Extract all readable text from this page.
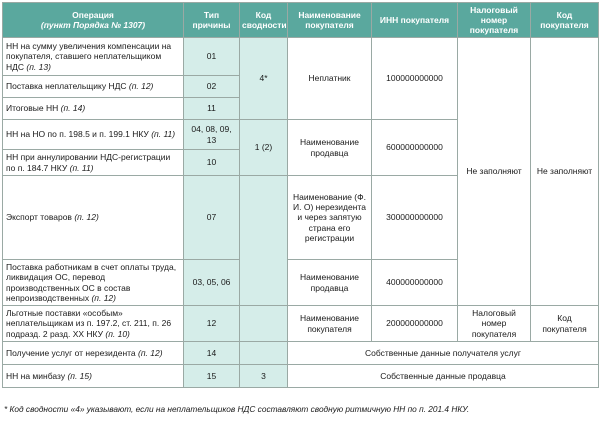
Операция
(пункт Порядка № 1307)	Тип причины	Код сводности	Наименование покупателя	ИНН покупателя	Налоговый номер покупателя	Код покупателя
НН на сумму увеличения компенсации на покупателя, ставшего неплательщиком НДС (п. 13)	01	4*	Неплатник	100000000000	Не заполняют	Не заполняют
Поставка неплательщику НДС (п. 12)	02					
Итоговые НН (п. 14)	11					
НН на НО по п. 198.5 и п. 199.1 НКУ (п. 11)	04, 08, 09, 13	1 (2)	Наименование продавца	600000000000		
НН при аннулировании НДС-регистрации по п. 184.7 НКУ (п. 11)	10					
Экспорт товаров (п. 12)	07		Наименование (Ф. И. О) нерезидента и через запятую страна его регистрации	300000000000		
Поставка работникам в счет оплаты труда, ликвидация ОС, перевод производственных ОС в состав непроизводственных (п. 12)	03, 05, 06		Наименование продавца	400000000000		
Льготные поставки «особым» неплательщикам из п. 197.2, ст. 211, п. 26 подразд. 2 разд. XX НКУ (п. 10)	12		Наименование покупателя	200000000000	Налоговый номер покупателя	Код покупателя
Получение услуг от нерезидента (п. 12)	14		Собственные данные получателя услуг			
НН на минбазу (п. 15)	15	3	Собственные данные продавца			
* Код сводности «4» указывают, если на неплательщиков НДС составляют сводную ритмичную НН по п. 201.4 НКУ.
